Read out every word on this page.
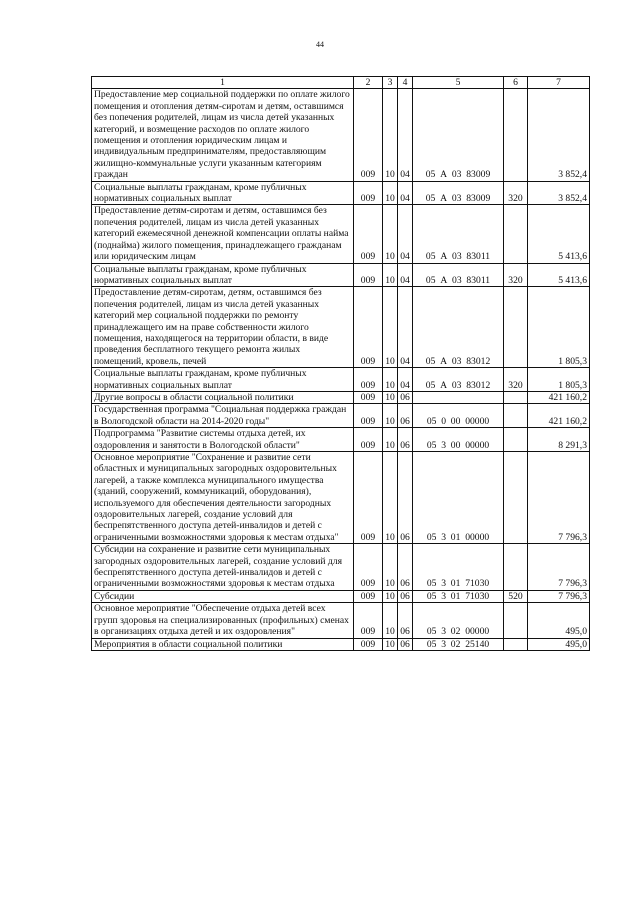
44
1	2	3	4	5	6	7
Предоставление мер социальной поддержки по оплате жилого помещения и отопления детям-сиротам и детям, оставшимся без попечения родителей, лицам из числа детей указанных категорий, и возмещение расходов по оплате жилого помещения и отопления юридическим лицам и индивидуальным предпринимателям, предоставляющим жилищно-коммунальные услуги указанным категориям граждан	009	10	04	05  А  03  83009		3 852,4
Социальные выплаты гражданам, кроме публичных нормативных социальных выплат	009	10	04	05  А  03  83009	320	3 852,4
Предоставление детям-сиротам и детям, оставшимся без попечения родителей, лицам из числа детей указанных категорий ежемесячной денежной компенсации оплаты найма (поднайма) жилого помещения, принадлежащего гражданам или юридическим лицам	009	10	04	05  А  03  83011		5 413,6
Социальные выплаты гражданам, кроме публичных нормативных социальных выплат	009	10	04	05  А  03  83011	320	5 413,6
Предоставление детям-сиротам, детям, оставшимся без попечения родителей, лицам из числа детей указанных категорий мер социальной поддержки по ремонту принадлежащего им на праве собственности жилого помещения, находящегося на территории области, в виде проведения бесплатного текущего ремонта жилых помещений, кровель, печей	009	10	04	05  А  03  83012		1 805,3
Социальные выплаты гражданам, кроме публичных нормативных социальных выплат	009	10	04	05  А  03  83012	320	1 805,3
Другие вопросы в области социальной политики	009	10	06			421 160,2
Государственная программа "Социальная поддержка граждан в Вологодской области на 2014-2020 годы"	009	10	06	05  0  00  00000		421 160,2
Подпрограмма "Развитие системы отдыха детей, их оздоровления и занятости в Вологодской области"	009	10	06	05  3  00  00000		8 291,3
Основное мероприятие "Сохранение и развитие сети областных и муниципальных загородных оздоровительных лагерей, а также комплекса муниципального имущества (зданий, сооружений, коммуникаций, оборудования), используемого для обеспечения деятельности загородных оздоровительных лагерей, создание условий для беспрепятственного доступа детей-инвалидов и детей с ограниченными возможностями здоровья к местам отдыха"	009	10	06	05  3  01  00000		7 796,3
Субсидии на сохранение и развитие сети муниципальных загородных оздоровительных лагерей, создание условий для беспрепятственного доступа детей-инвалидов и детей с ограниченными возможностями здоровья к местам отдыха	009	10	06	05  3  01  71030		7 796,3
Субсидии	009	10	06	05  3  01  71030	520	7 796,3
Основное мероприятие "Обеспечение отдыха детей всех групп здоровья на специализированных (профильных) сменах в организациях отдыха детей и их оздоровления"	009	10	06	05  3  02  00000		495,0
Мероприятия в области социальной политики	009	10	06	05  3  02  25140		495,0
